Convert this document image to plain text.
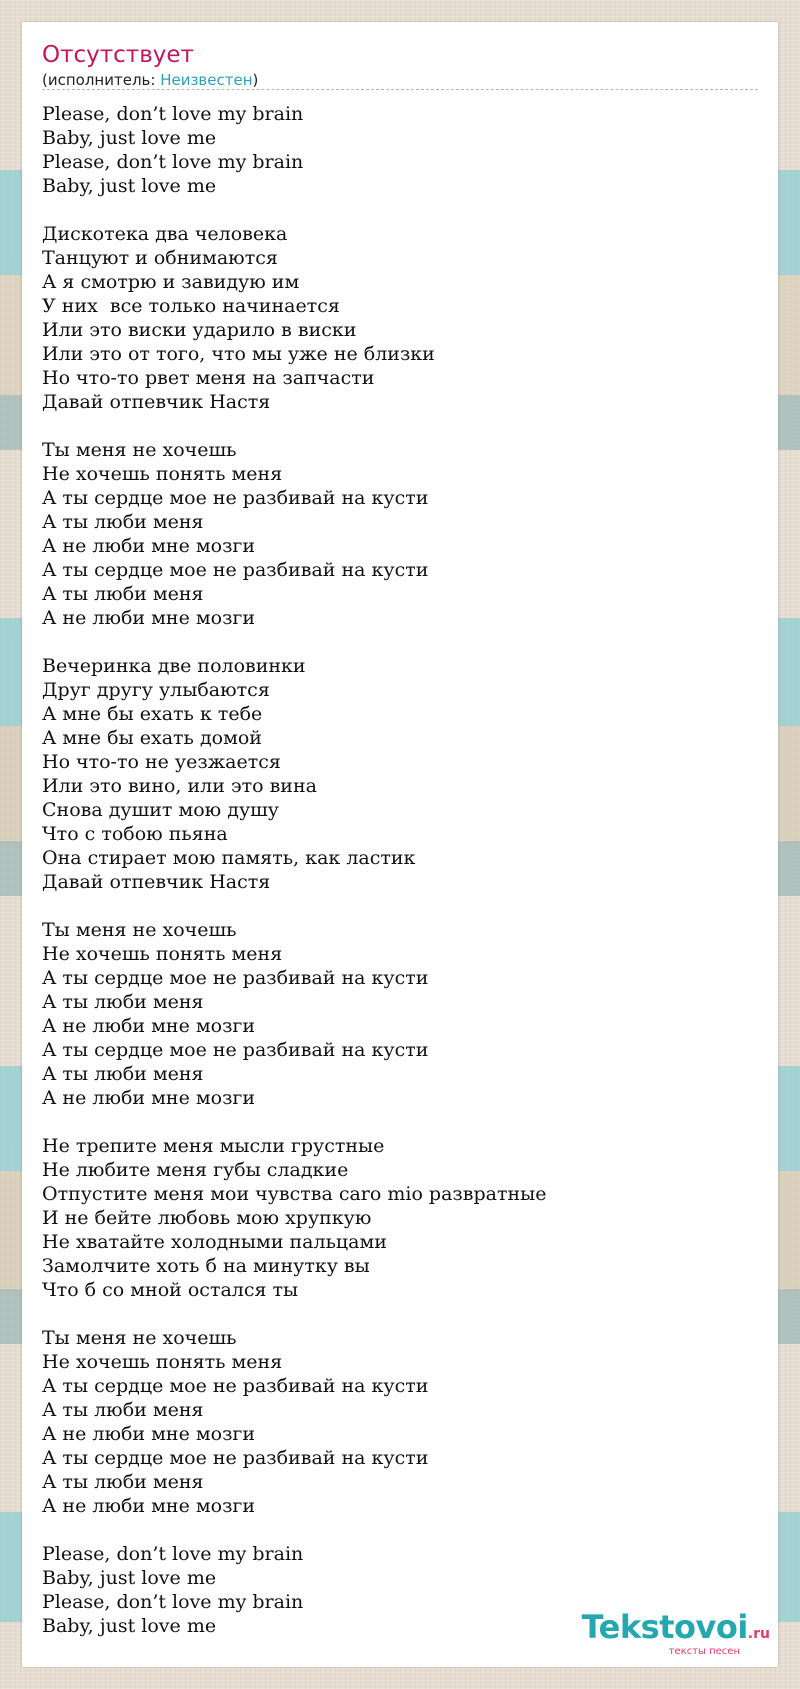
Отсутствует
(исполнитель: Неизвестен)
Please, don’t love my brain
Baby, just love me
Please, don’t love my brain
Baby, just love me
Дискотека два человека
Танцуют и обнимаются
А я смотрю и завидую им
У них  все только начинается
Или это виски ударило в виски
Или это от того, что мы уже не близки
Но что-то рвет меня на запчасти
Давай отпевчик Настя
Ты меня не хочешь
Не хочешь понять меня
А ты сердце мое не разбивай на кусти
А ты люби меня
А не люби мне мозги
А ты сердце мое не разбивай на кусти
А ты люби меня
А не люби мне мозги
Вечеринка две половинки
Друг другу улыбаются
А мне бы ехать к тебе
А мне бы ехать домой
Но что-то не уезжается
Или это вино, или это вина
Снова душит мою душу
Что с тобою пьяна
Она стирает мою память, как ластик
Давай отпевчик Настя
Ты меня не хочешь
Не хочешь понять меня
А ты сердце мое не разбивай на кусти
А ты люби меня
А не люби мне мозги
А ты сердце мое не разбивай на кусти
А ты люби меня
А не люби мне мозги
Не трепите меня мысли грустные
Не любите меня губы сладкие
Отпустите меня мои чувства caro mio развратные
И не бейте любовь мою хрупкую
Не хватайте холодными пальцами
Замолчите хоть б на минутку вы
Что б со мной остался ты
Ты меня не хочешь
Не хочешь понять меня
А ты сердце мое не разбивай на кусти
А ты люби меня
А не люби мне мозги
А ты сердце мое не разбивай на кусти
А ты люби меня
А не люби мне мозги
Please, don’t love my brain
Baby, just love me
Please, don’t love my brain
Baby, just love me	Tekstovoi.ru
тексты песен
